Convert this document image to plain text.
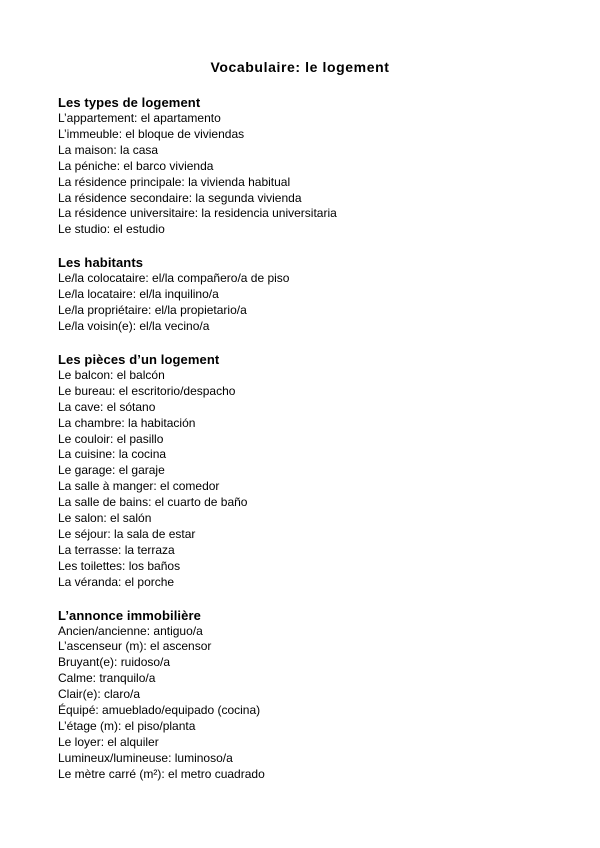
Vocabulaire: le logement
Les types de logement
L’appartement: el apartamento
L’immeuble: el bloque de viviendas
La maison: la casa
La péniche: el barco vivienda
La résidence principale: la vivienda habitual
La résidence secondaire: la segunda vivienda
La résidence universitaire: la residencia universitaria
Le studio: el estudio
Les habitants
Le/la colocataire: el/la compañero/a de piso
Le/la locataire: el/la inquilino/a
Le/la propriétaire: el/la propietario/a
Le/la voisin(e): el/la vecino/a
Les pièces d’un logement
Le balcon: el balcón
Le bureau: el escritorio/despacho
La cave: el sótano
La chambre: la habitación
Le couloir: el pasillo
La cuisine: la cocina
Le garage: el garaje
La salle à manger: el comedor
La salle de bains: el cuarto de baño
Le salon: el salón
Le séjour: la sala de estar
La terrasse: la terraza
Les toilettes: los baños
La véranda: el porche
L’annonce immobilière
Ancien/ancienne: antiguo/a
L’ascenseur (m): el ascensor
Bruyant(e): ruidoso/a
Calme: tranquilo/a
Clair(e): claro/a
Équipé: amueblado/equipado (cocina)
L’étage (m): el piso/planta
Le loyer: el alquiler
Lumineux/lumineuse: luminoso/a
Le mètre carré (m²): el metro cuadrado
